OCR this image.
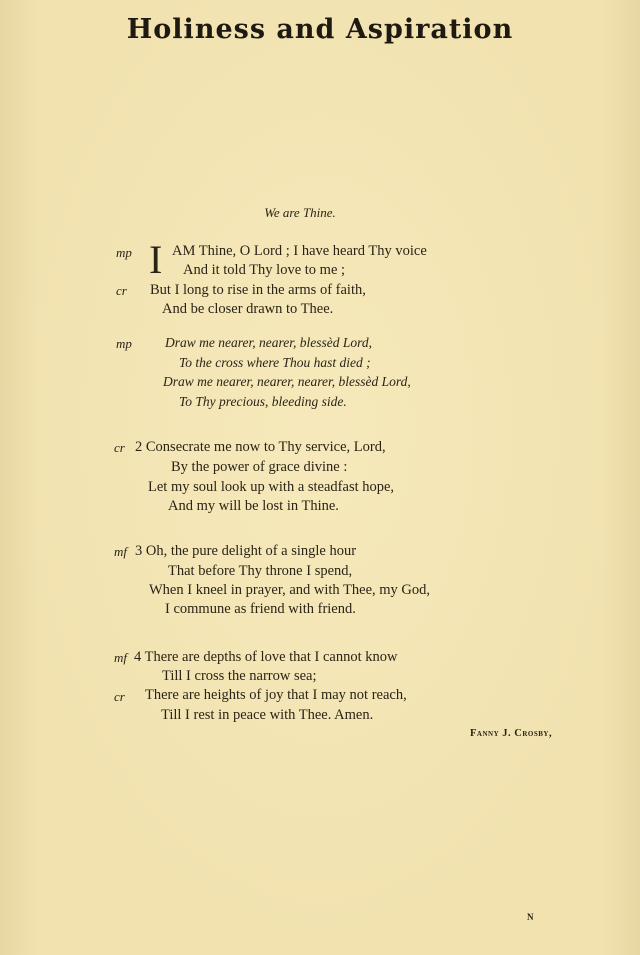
Holiness and Aspiration
We are Thine.
mp I AM Thine, O Lord ; I have heard Thy voice
And it told Thy love to me ;
cr But I long to rise in the arms of faith,
And be closer drawn to Thee.
mp Draw me nearer, nearer, blessèd Lord,
To the cross where Thou hast died ;
Draw me nearer, nearer, nearer, blessèd Lord,
To Thy precious, bleeding side.
cr 2 Consecrate me now to Thy service, Lord,
By the power of grace divine :
Let my soul look up with a steadfast hope,
And my will be lost in Thine.
mf 3 Oh, the pure delight of a single hour
That before Thy throne I spend,
When I kneel in prayer, and with Thee, my God,
I commune as friend with friend.
mf 4 There are depths of love that I cannot know
Till I cross the narrow sea;
cr There are heights of joy that I may not reach,
Till I rest in peace with Thee. Amen.
Fanny J. Crosby,
N
